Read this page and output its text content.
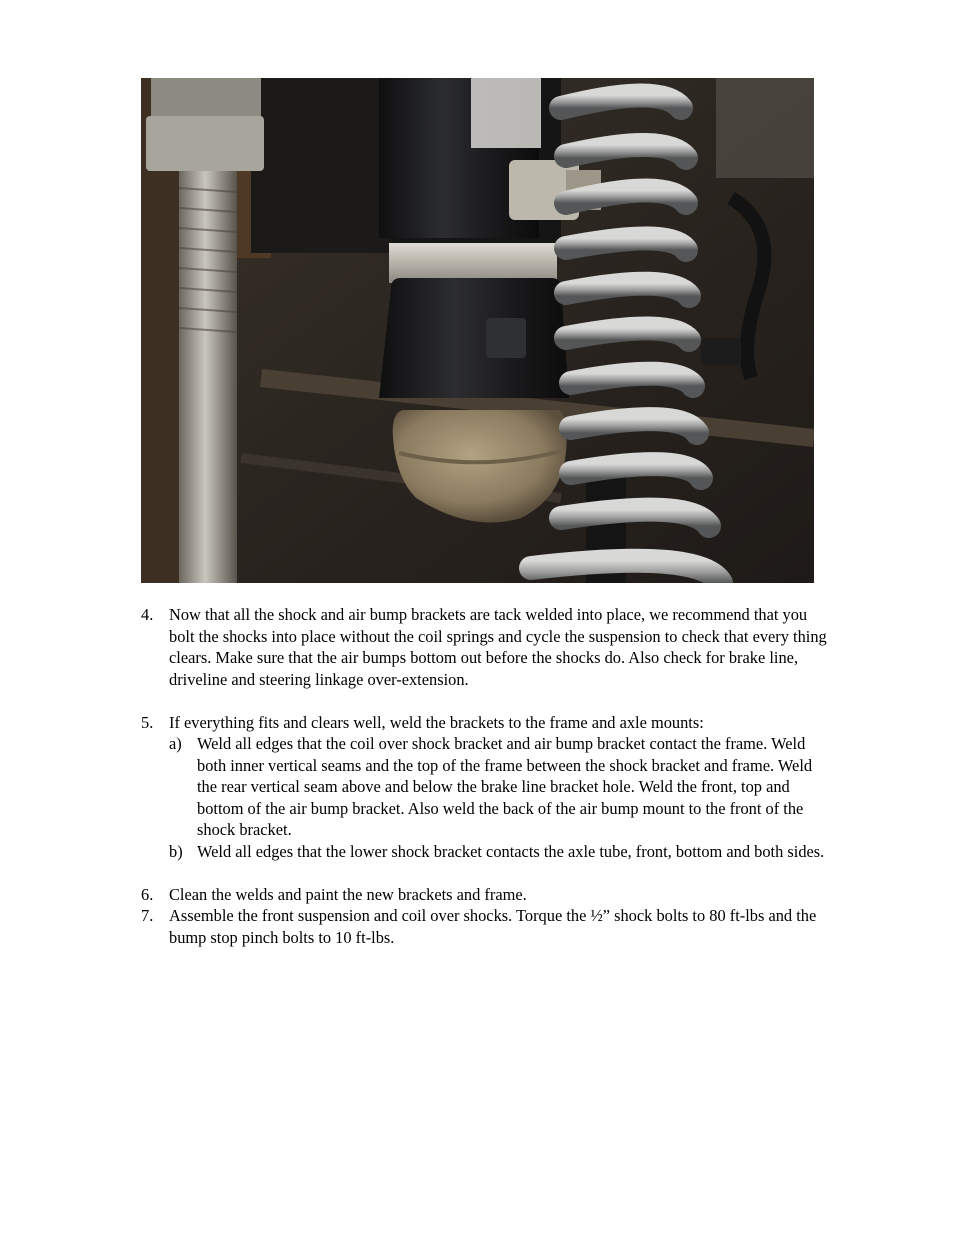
4. Now that all the shock and air bump brackets are tack welded into place, we recommend that you bolt the shocks into place without the coil springs and cycle the suspension to check that every thing clears. Make sure that the air bumps bottom out before the shocks do. Also check for brake line, driveline and steering linkage over-extension.

5. If everything fits and clears well, weld the brackets to the frame and axle mounts:

a) Weld all edges that the coil over shock bracket and air bump bracket contact the frame. Weld both inner vertical seams and the top of the frame between the shock bracket and frame. Weld the rear vertical seam above and below the brake line bracket hole. Weld the front, top and bottom of the air bump bracket. Also weld the back of the air bump mount to the front of the shock bracket.

b) Weld all edges that the lower shock bracket contacts the axle tube, front, bottom and both sides.

6. Clean the welds and paint the new brackets and frame.

7. Assemble the front suspension and coil over shocks. Torque the ½” shock bolts to 80 ft-lbs and the bump stop pinch bolts to 10 ft-lbs.
